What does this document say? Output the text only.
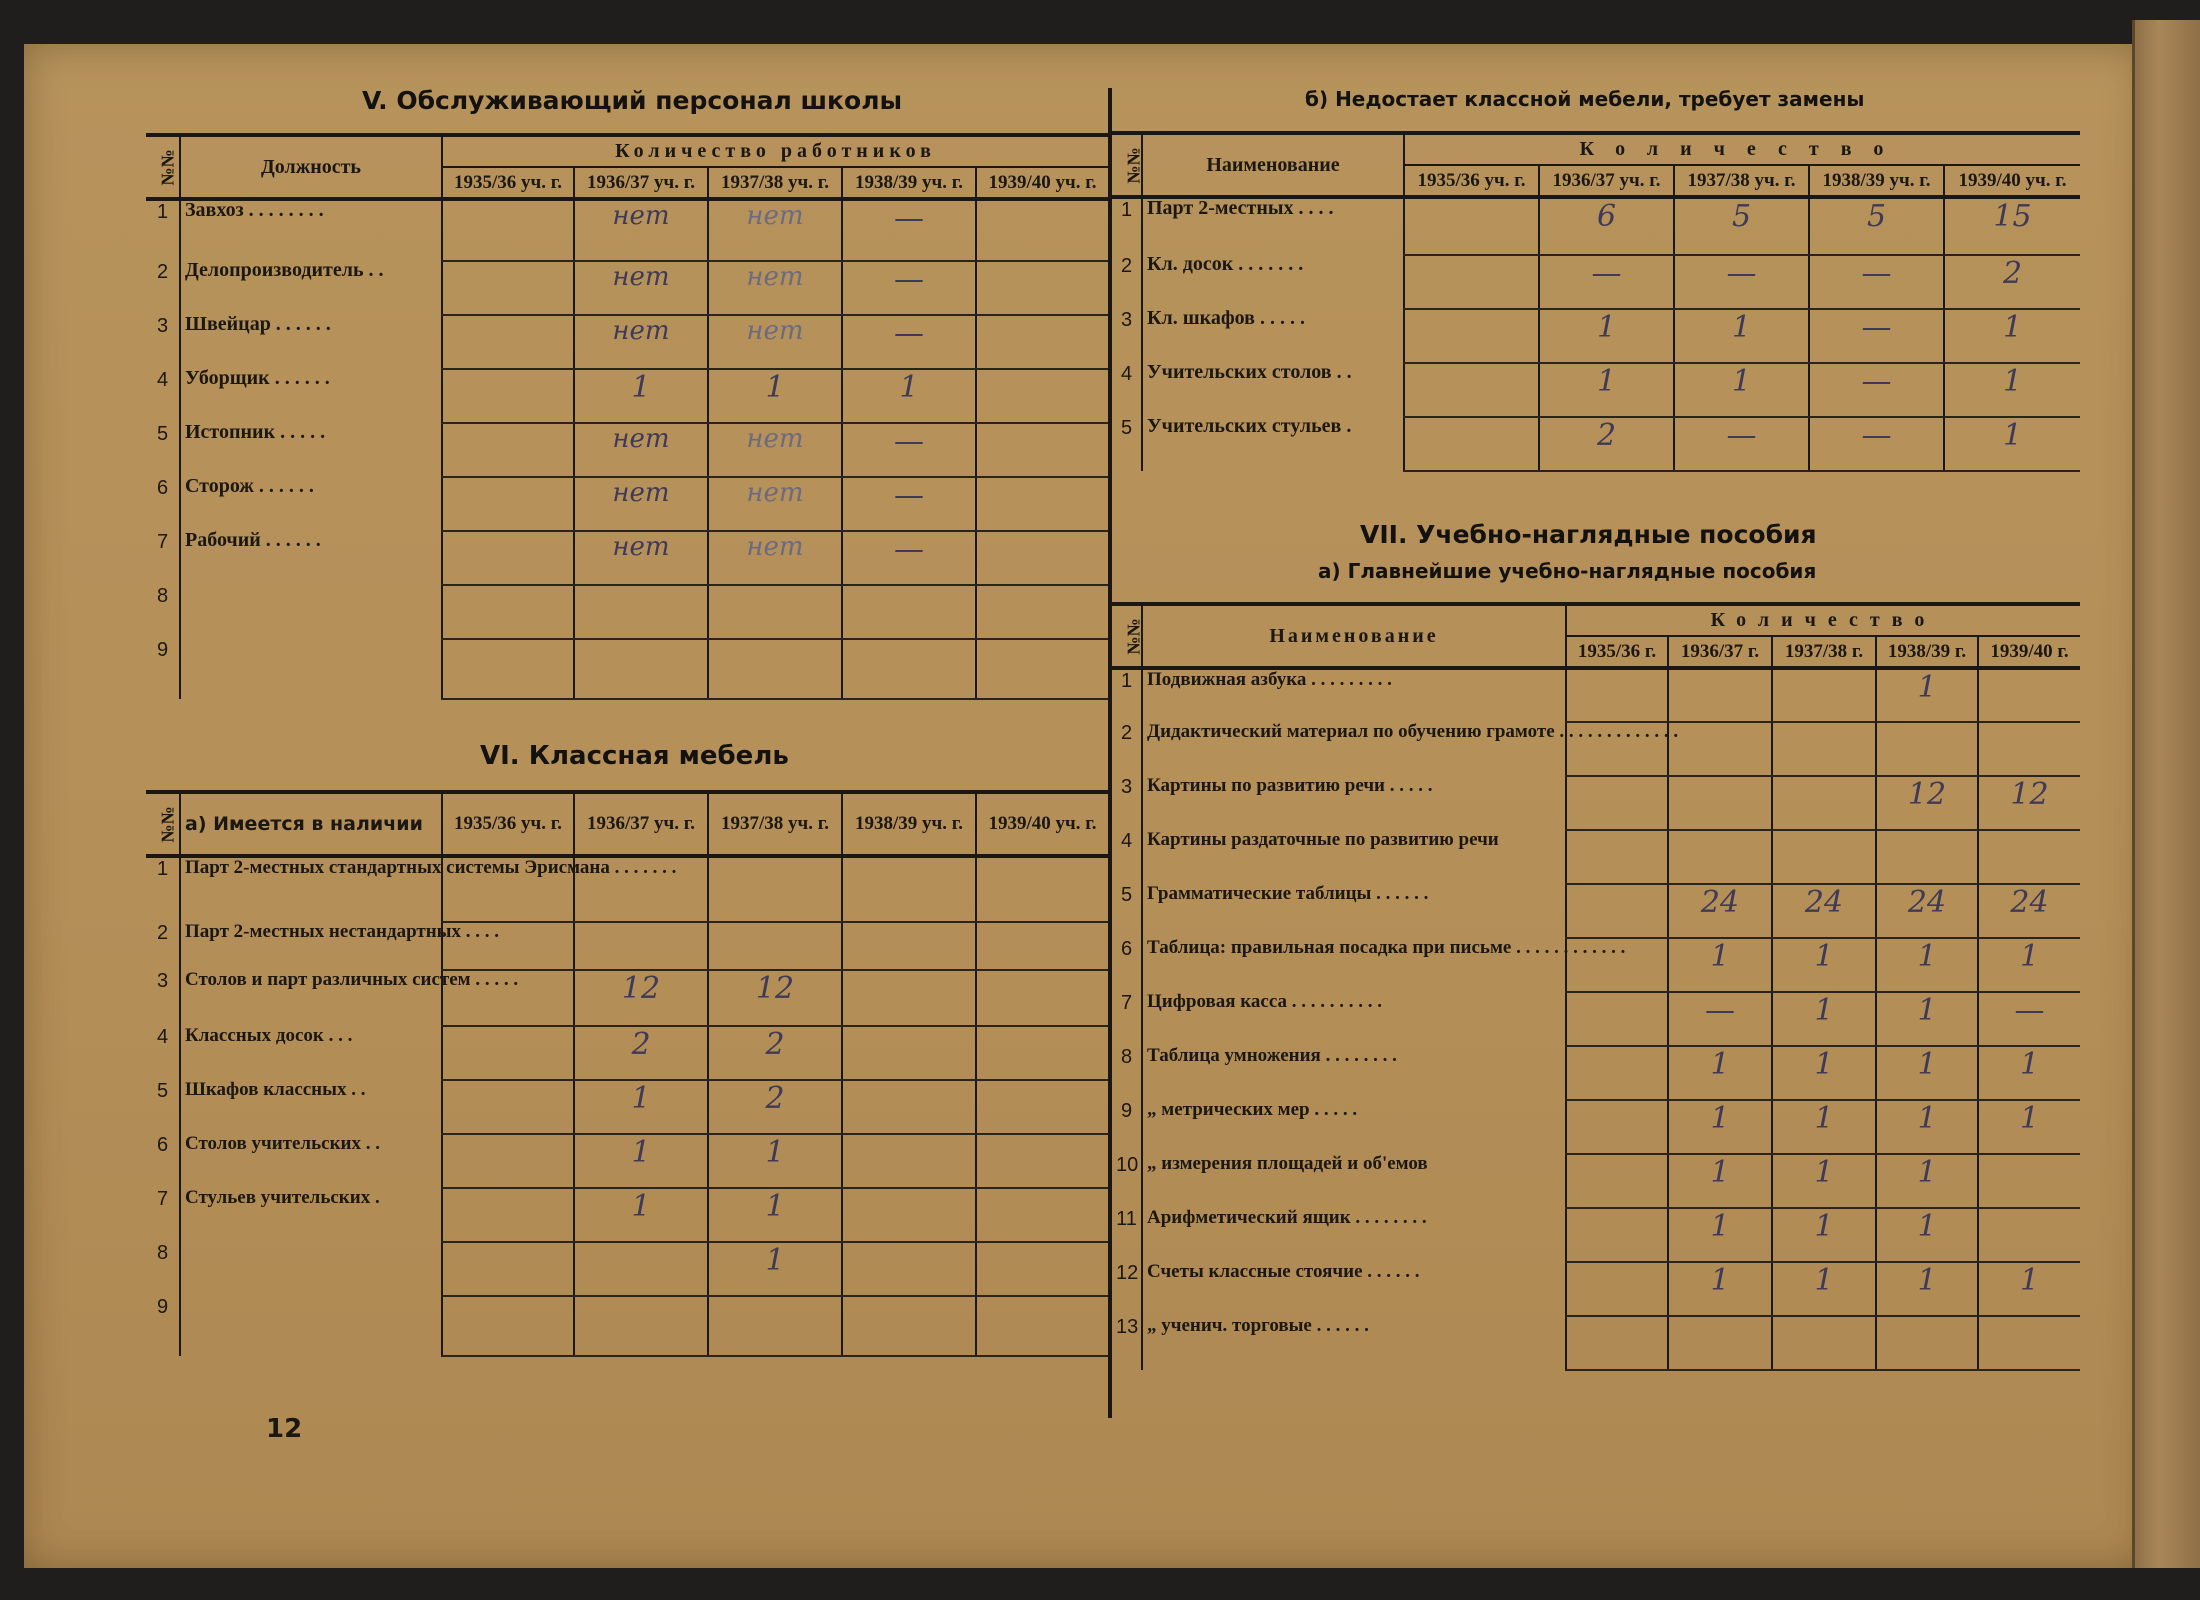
V. Обслуживающий персонал школы
№№	Должность	Количество работников				
		1935/36 уч. г.	1936/37 уч. г.	1937/38 уч. г.	1938/39 уч. г.	1939/40 уч. г.
1	Завхоз . . . . . . . .		нет	нет	—	
2	Делопроизводитель . .		нет	нет	—	
3	Швейцар . . . . . .		нет	нет	—	
4	Уборщик . . . . . .		1	1	1	
5	Истопник . . . . .		нет	нет	—	
6	Сторож . . . . . .		нет	нет	—	
7	Рабочий . . . . . .		нет	нет	—	
8						
9						
VI. Классная мебель
№№	а) Имеется в наличии	1935/36 уч. г.	1936/37 уч. г.	1937/38 уч. г.	1938/39 уч. г.	1939/40 уч. г.
1	Парт 2-местных стандартных системы Эрисмана . . . . . . .					
2	Парт 2-местных нестандартных . . . .					
3	Столов и парт различных систем . . . . .		12	12		
4	Классных досок . . .		2	2		
5	Шкафов классных . .		1	2		
6	Столов учительских . .		1	1		
7	Стульев учительских .		1	1		
8				1		
9						
12
б) Недостает классной мебели, требует замены
№№	Наименование	Количество				
		1935/36 уч. г.	1936/37 уч. г.	1937/38 уч. г.	1938/39 уч. г.	1939/40 уч. г.
1	Парт 2-местных . . . .		6	5	5	15
2	Кл. досок . . . . . . .		—	—	—	2
3	Кл. шкафов . . . . .		1	1	—	1
4	Учительских столов . .		1	1	—	1
5	Учительских стульев .		2	—	—	1
VII. Учебно-наглядные пособия
а) Главнейшие учебно-наглядные пособия
№№	Наименование	Количество				
		1935/36 г.	1936/37 г.	1937/38 г.	1938/39 г.	1939/40 г.
1	Подвижная азбука . . . . . . . . .				1	
2	Дидактический материал по обучению грамоте . . . . . . . . . . . . .					
3	Картины по развитию речи . . . . .				12	12
4	Картины раздаточные по развитию речи					
5	Грамматические таблицы . . . . . .		24	24	24	24
6	Таблица: правильная посадка при письме . . . . . . . . . . . .		1	1	1	1
7	Цифровая касса . . . . . . . . . .		—	1	1	—
8	Таблица умножения . . . . . . . .		1	1	1	1
9	„ метрических мер . . . . .		1	1	1	1
10	„ измерения площадей и об'емов		1	1	1	
11	Арифметический ящик . . . . . . . .		1	1	1	
12	Счеты классные стоячие . . . . . .		1	1	1	1
13	„ ученич. торговые . . . . . .					
